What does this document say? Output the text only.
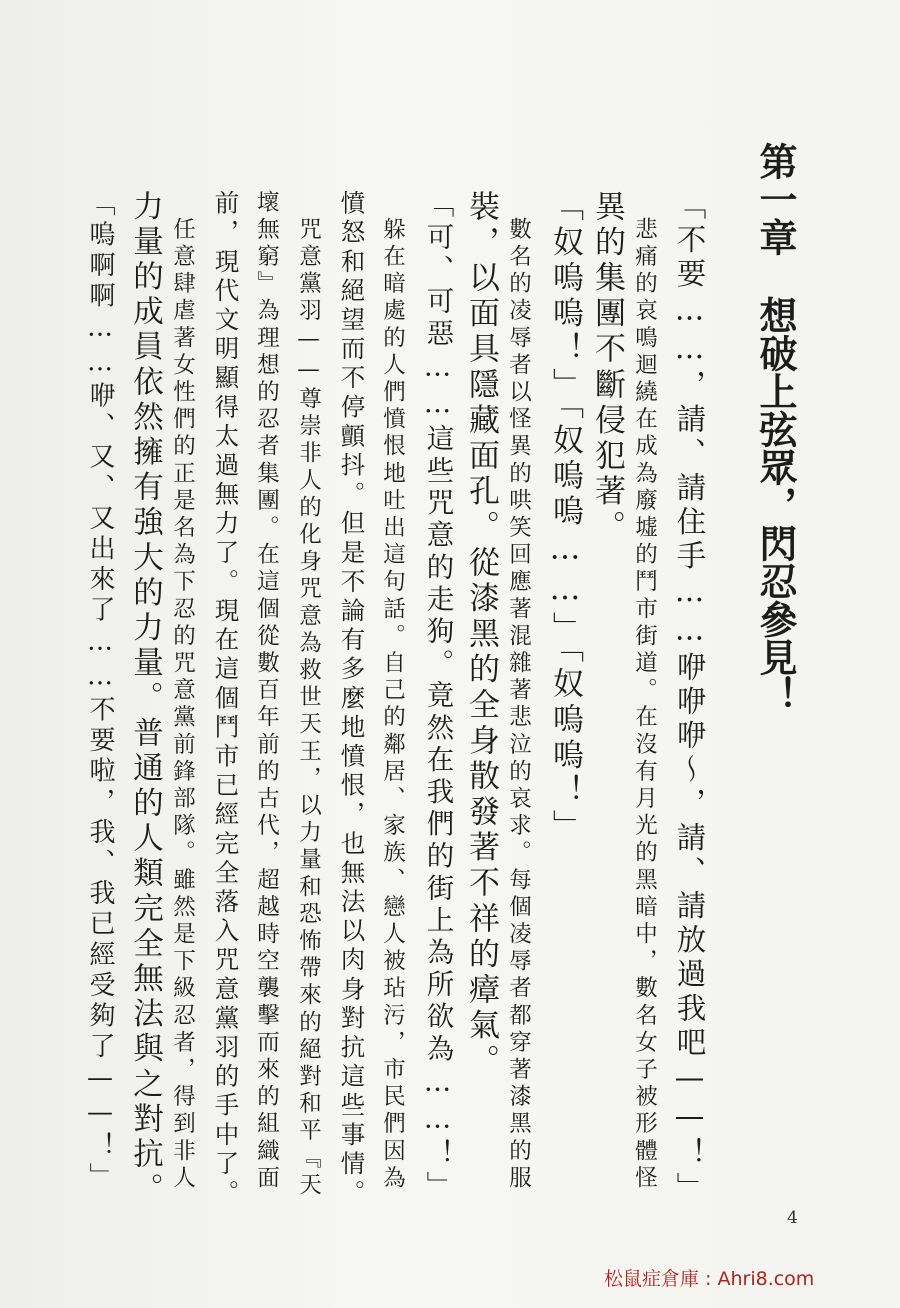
第一章想破上弦眾，閃忍參見！
「不要……，請、請住手……咿咿咿～，請、請放過我吧——！」
　悲痛的哀鳴迴繞在成為廢墟的鬥市街道。在沒有月光的黑暗中，數名女子被形體怪
異的集團不斷侵犯著。
「奴嗚嗚！」「奴嗚嗚……」「奴嗚嗚！」
　數名的凌辱者以怪異的哄笑回應著混雜著悲泣的哀求。每個凌辱者都穿著漆黑的服
裝，以面具隱藏面孔。從漆黑的全身散發著不祥的瘴氣。
「可、可惡……這些咒意的走狗。竟然在我們的街上為所欲為……！」
　躲在暗處的人們憤恨地吐出這句話。自己的鄰居、家族、戀人被玷污，市民們因為
憤怒和絕望而不停顫抖。但是不論有多麼地憤恨，也無法以肉身對抗這些事情。
　咒意黨羽——尊崇非人的化身咒意為救世天王，以力量和恐怖帶來的絕對和平『天
壞無窮』為理想的忍者集團。在這個從數百年前的古代，超越時空襲擊而來的組織面
前，現代文明顯得太過無力了。現在這個鬥市已經完全落入咒意黨羽的手中了。
　任意肆虐著女性們的正是名為下忍的咒意黨前鋒部隊。雖然是下級忍者，得到非人
力量的成員依然擁有強大的力量。普通的人類完全無法與之對抗。
「嗚啊啊……咿、又、又出來了……不要啦，我、我已經受夠了——！」
4
松鼠症倉庫 : Ahri8.com
